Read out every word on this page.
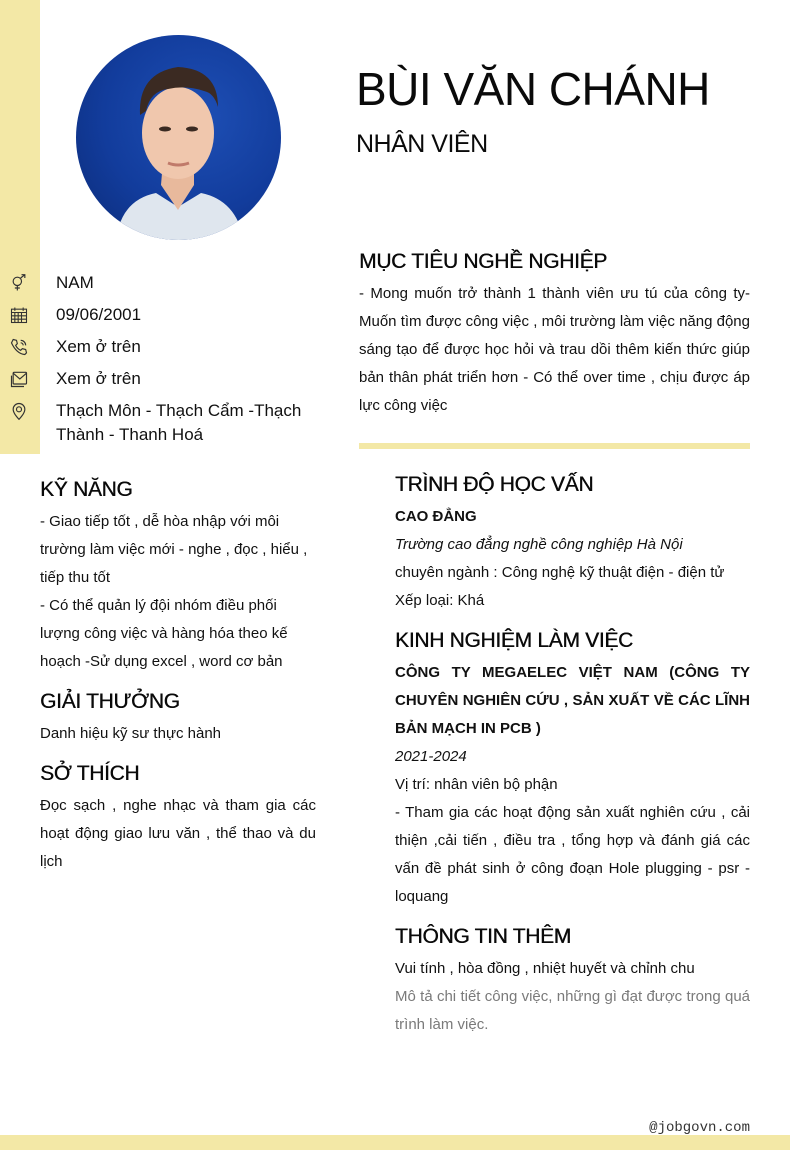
BÙI VĂN CHÁNH
NHÂN VIÊN
NAM
09/06/2001
Xem ở trên
Xem ở trên
Thạch Môn - Thạch Cẩm -Thạch Thành - Thanh Hoá
MỤC TIÊU NGHỀ NGHIỆP
- Mong muốn trở thành 1 thành viên ưu tú của công ty- Muốn tìm được công việc , môi trường làm việc năng động sáng tạo để được học hỏi và trau dồi thêm kiến thức giúp bản thân phát triển hơn - Có thể over time , chịu được áp lực công việc
KỸ NĂNG
- Giao tiếp tốt , dễ hòa nhập với môi trường làm việc mới - nghe , đọc , hiểu , tiếp thu tốt
- Có thể quản lý đội nhóm điều phối lượng công việc và hàng hóa theo kế hoạch -Sử dụng excel , word cơ bản
GIẢI THƯỞNG
Danh hiệu kỹ sư thực hành
SỞ THÍCH
Đọc sạch , nghe nhạc và tham gia các hoạt động giao lưu văn , thể thao và du lịch
TRÌNH ĐỘ HỌC VẤN
CAO ĐẲNG
Trường cao đẳng nghề công nghiệp Hà Nội
chuyên ngành : Công nghệ kỹ thuật điện - điện tử
Xếp loại: Khá
KINH NGHIỆM LÀM VIỆC
CÔNG TY MEGAELEC VIỆT NAM (CÔNG TY CHUYÊN NGHIÊN CỨU , SẢN XUẤT VỀ CÁC LĨNH BẢN MẠCH IN PCB )
2021-2024
Vị trí: nhân viên bộ phận
- Tham gia các hoạt động sản xuất nghiên cứu , cải thiện ,cải tiến , điều tra , tổng hợp và đánh giá các vấn đề phát sinh ở công đoạn Hole plugging - psr - loquang
THÔNG TIN THÊM
Vui tính , hòa đồng , nhiệt huyết và chỉnh chu
Mô tả chi tiết công việc, những gì đạt được trong quá trình làm việc.
@jobgovn.com
